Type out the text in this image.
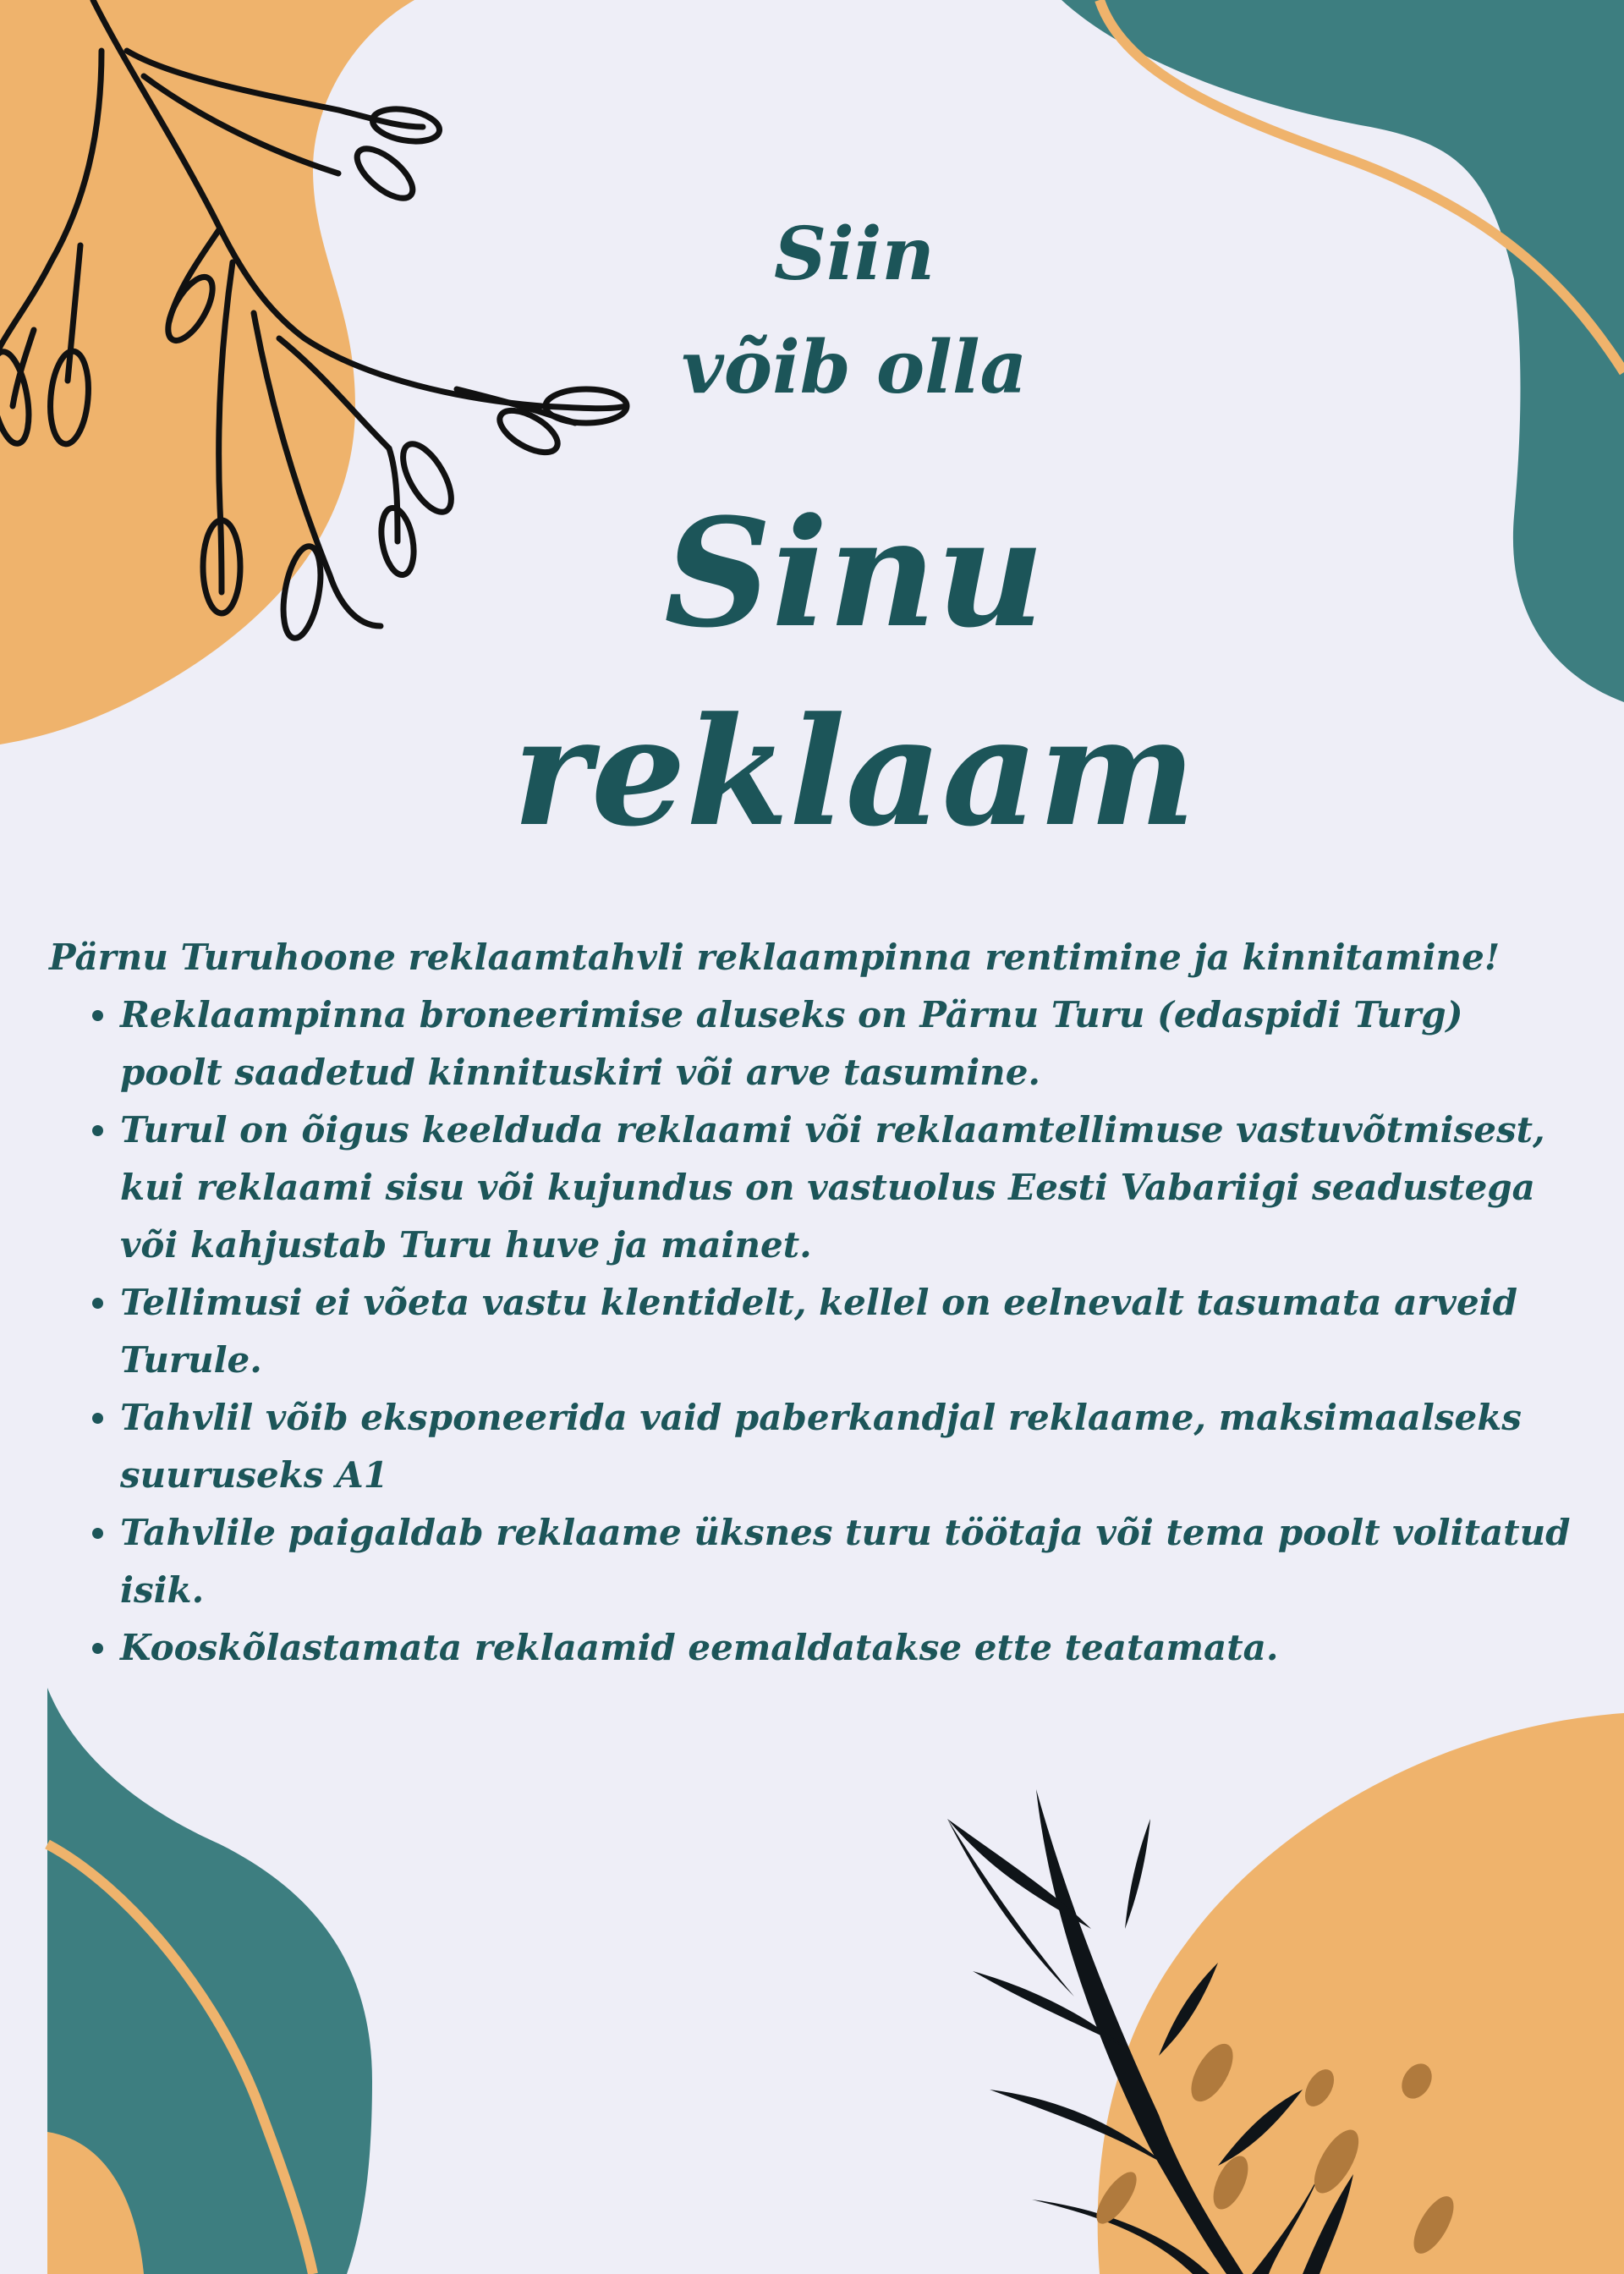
Siin
võib olla
Sinu
reklaam

Pärnu Turuhoone reklaamtahvli reklaampinna rentimine ja kinnitamine!

• Reklaampinna broneerimise aluseks on Pärnu Turu (edaspidi Turg) poolt saadetud kinnituskiri või arve tasumine.
• Turul on õigus keelduda reklaami või reklaamtellimuse vastuvõtmisest, kui reklaami sisu või kujundus on vastuolus Eesti Vabariigi seadustega või kahjustab Turu huve ja mainet.
• Tellimusi ei võeta vastu klentidelt, kellel on eelnevalt tasumata arveid Turule.
• Tahvlil võib eksponeerida vaid paberkandjal reklaame, maksimaalseks suuruseks A1
• Tahvlile paigaldab reklaame üksnes turu töötaja või tema poolt volitatud isik.
• Kooskõlastamata reklaamid eemaldatakse ette teatamata.
